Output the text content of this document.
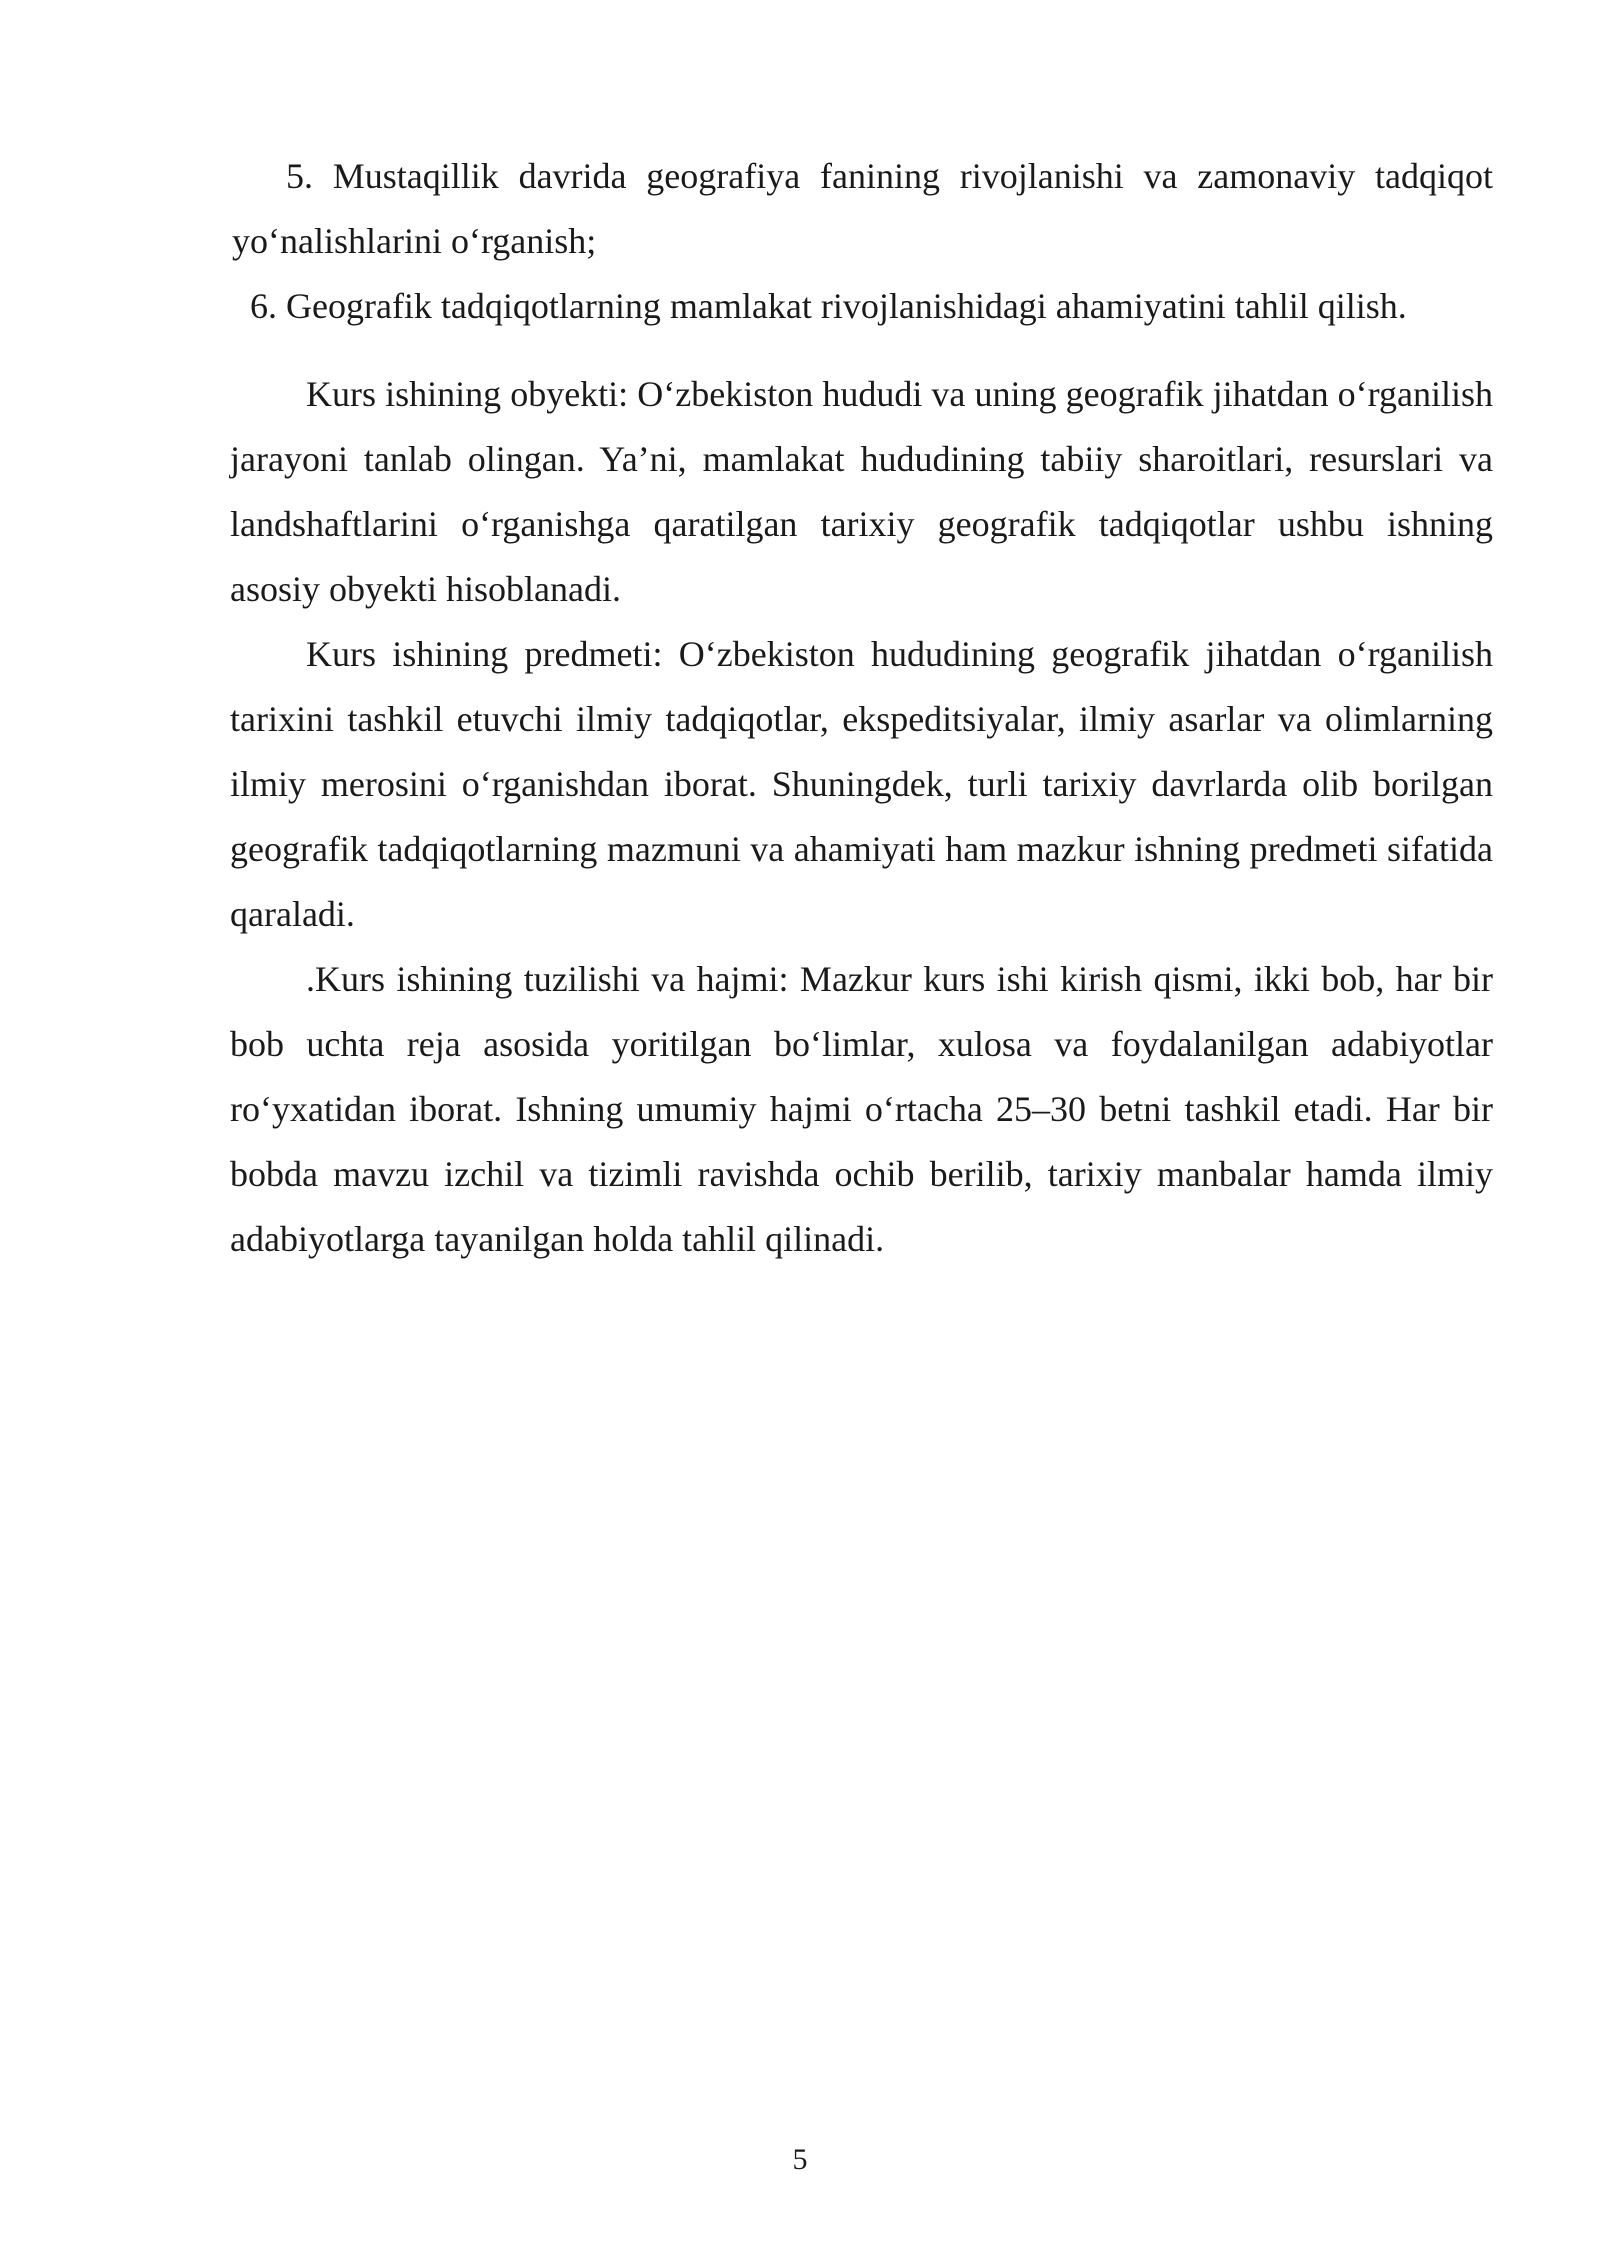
5. Mustaqillik davrida geografiya fanining rivojlanishi va zamonaviy tadqiqot

yo‘nalishlarini o‘rganish;

6. Geografik tadqiqotlarning mamlakat rivojlanishidagi ahamiyatini tahlil qilish.

Kurs ishining obyekti: O‘zbekiston hududi va uning geografik jihatdan o‘rganilish jarayoni tanlab olingan. Ya’ni, mamlakat hududining tabiiy sharoitlari, resurslari va landshaftlarini o‘rganishga qaratilgan tarixiy geografik tadqiqotlar ushbu ishning asosiy obyekti hisoblanadi.

Kurs ishining predmeti: O‘zbekiston hududining geografik jihatdan o‘rganilish tarixini tashkil etuvchi ilmiy tadqiqotlar, ekspeditsiyalar, ilmiy asarlar va olimlarning ilmiy merosini o‘rganishdan iborat. Shuningdek, turli tarixiy davrlarda olib borilgan geografik tadqiqotlarning mazmuni va ahamiyati ham mazkur ishning predmeti sifatida qaraladi.

.Kurs ishining tuzilishi va hajmi: Mazkur kurs ishi kirish qismi, ikki bob, har bir bob uchta reja asosida yoritilgan bo‘limlar, xulosa va foydalanilgan adabiyotlar ro‘yxatidan iborat. Ishning umumiy hajmi o‘rtacha 25–30 betni tashkil etadi. Har bir bobda mavzu izchil va tizimli ravishda ochib berilib, tarixiy manbalar hamda ilmiy adabiyotlarga tayanilgan holda tahlil qilinadi.

5
